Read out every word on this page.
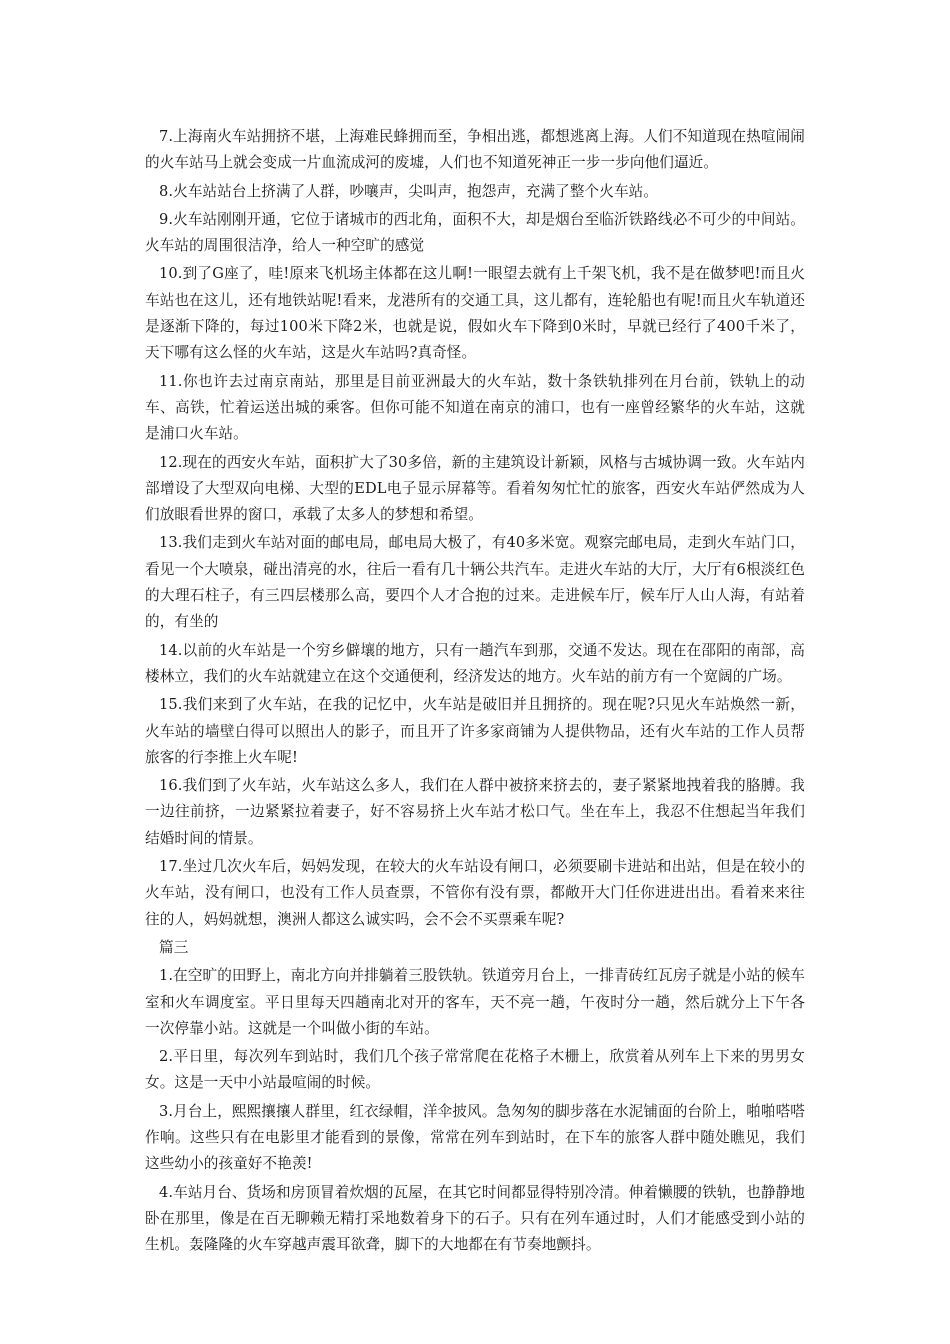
7.上海南火车站拥挤不堪，上海难民蜂拥而至，争相出逃，都想逃离上海。人们不知道现在热喧闹闹的火车站马上就会变成一片血流成河的废墟，人们也不知道死神正一步一步向他们逼近。

8.火车站站台上挤满了人群，吵嚷声，尖叫声，抱怨声，充满了整个火车站。

9.火车站刚刚开通，它位于诸城市的西北角，面积不大，却是烟台至临沂铁路线必不可少的中间站。火车站的周围很洁净，给人一种空旷的感觉

10.到了G座了，哇!原来飞机场主体都在这儿啊!一眼望去就有上千架飞机，我不是在做梦吧!而且火车站也在这儿，还有地铁站呢!看来，龙港所有的交通工具，这儿都有，连轮船也有呢!而且火车轨道还是逐渐下降的，每过100米下降2米，也就是说，假如火车下降到0米时，早就已经行了400千米了，天下哪有这么怪的火车站，这是火车站吗?真奇怪。

11.你也许去过南京南站，那里是目前亚洲最大的火车站，数十条铁轨排列在月台前，铁轨上的动车、高铁，忙着运送出城的乘客。但你可能不知道在南京的浦口，也有一座曾经繁华的火车站，这就是浦口火车站。

12.现在的西安火车站，面积扩大了30多倍，新的主建筑设计新颖，风格与古城协调一致。火车站内部增设了大型双向电梯、大型的EDL电子显示屏幕等。看着匆匆忙忙的旅客，西安火车站俨然成为人们放眼看世界的窗口，承载了太多人的梦想和希望。

13.我们走到火车站对面的邮电局，邮电局大极了，有40多米宽。观察完邮电局，走到火车站门口，看见一个大喷泉，碰出清亮的水，往后一看有几十辆公共汽车。走进火车站的大厅，大厅有6根淡红色的大理石柱子，有三四层楼那么高，要四个人才合抱的过来。走进候车厅，候车厅人山人海，有站着的，有坐的

14.以前的火车站是一个穷乡僻壤的地方，只有一趟汽车到那，交通不发达。现在在邵阳的南部，高楼林立，我们的火车站就建立在这个交通便利，经济发达的地方。火车站的前方有一个宽阔的广场。

15.我们来到了火车站，在我的记忆中，火车站是破旧并且拥挤的。现在呢?只见火车站焕然一新，火车站的墙壁白得可以照出人的影子，而且开了许多家商铺为人提供物品，还有火车站的工作人员帮旅客的行李推上火车呢!

16.我们到了火车站，火车站这么多人，我们在人群中被挤来挤去的，妻子紧紧地拽着我的胳膊。我一边往前挤，一边紧紧拉着妻子，好不容易挤上火车站才松口气。坐在车上，我忍不住想起当年我们结婚时间的情景。

17.坐过几次火车后，妈妈发现，在较大的火车站设有闸口，必须要刷卡进站和出站，但是在较小的火车站，没有闸口，也没有工作人员查票，不管你有没有票，都敞开大门任你进进出出。看着来来往往的人，妈妈就想，澳洲人都这么诚实吗，会不会不买票乘车呢?

篇三

1.在空旷的田野上，南北方向并排躺着三股铁轨。铁道旁月台上，一排青砖红瓦房子就是小站的候车室和火车调度室。平日里每天四趟南北对开的客车，天不亮一趟，午夜时分一趟，然后就分上下午各一次停靠小站。这就是一个叫做小街的车站。

2.平日里，每次列车到站时，我们几个孩子常常爬在花格子木栅上，欣赏着从列车上下来的男男女女。这是一天中小站最喧闹的时候。

3.月台上，熙熙攘攘人群里，红衣绿帽，洋伞披风。急匆匆的脚步落在水泥铺面的台阶上，啪啪嗒嗒作响。这些只有在电影里才能看到的景像，常常在列车到站时，在下车的旅客人群中随处瞧见，我们这些幼小的孩童好不艳羡!

4.车站月台、货场和房顶冒着炊烟的瓦屋，在其它时间都显得特别冷清。伸着懒腰的铁轨，也静静地卧在那里，像是在百无聊赖无精打采地数着身下的石子。只有在列车通过时，人们才能感受到小站的生机。轰隆隆的火车穿越声震耳欲聋，脚下的大地都在有节奏地颤抖。
